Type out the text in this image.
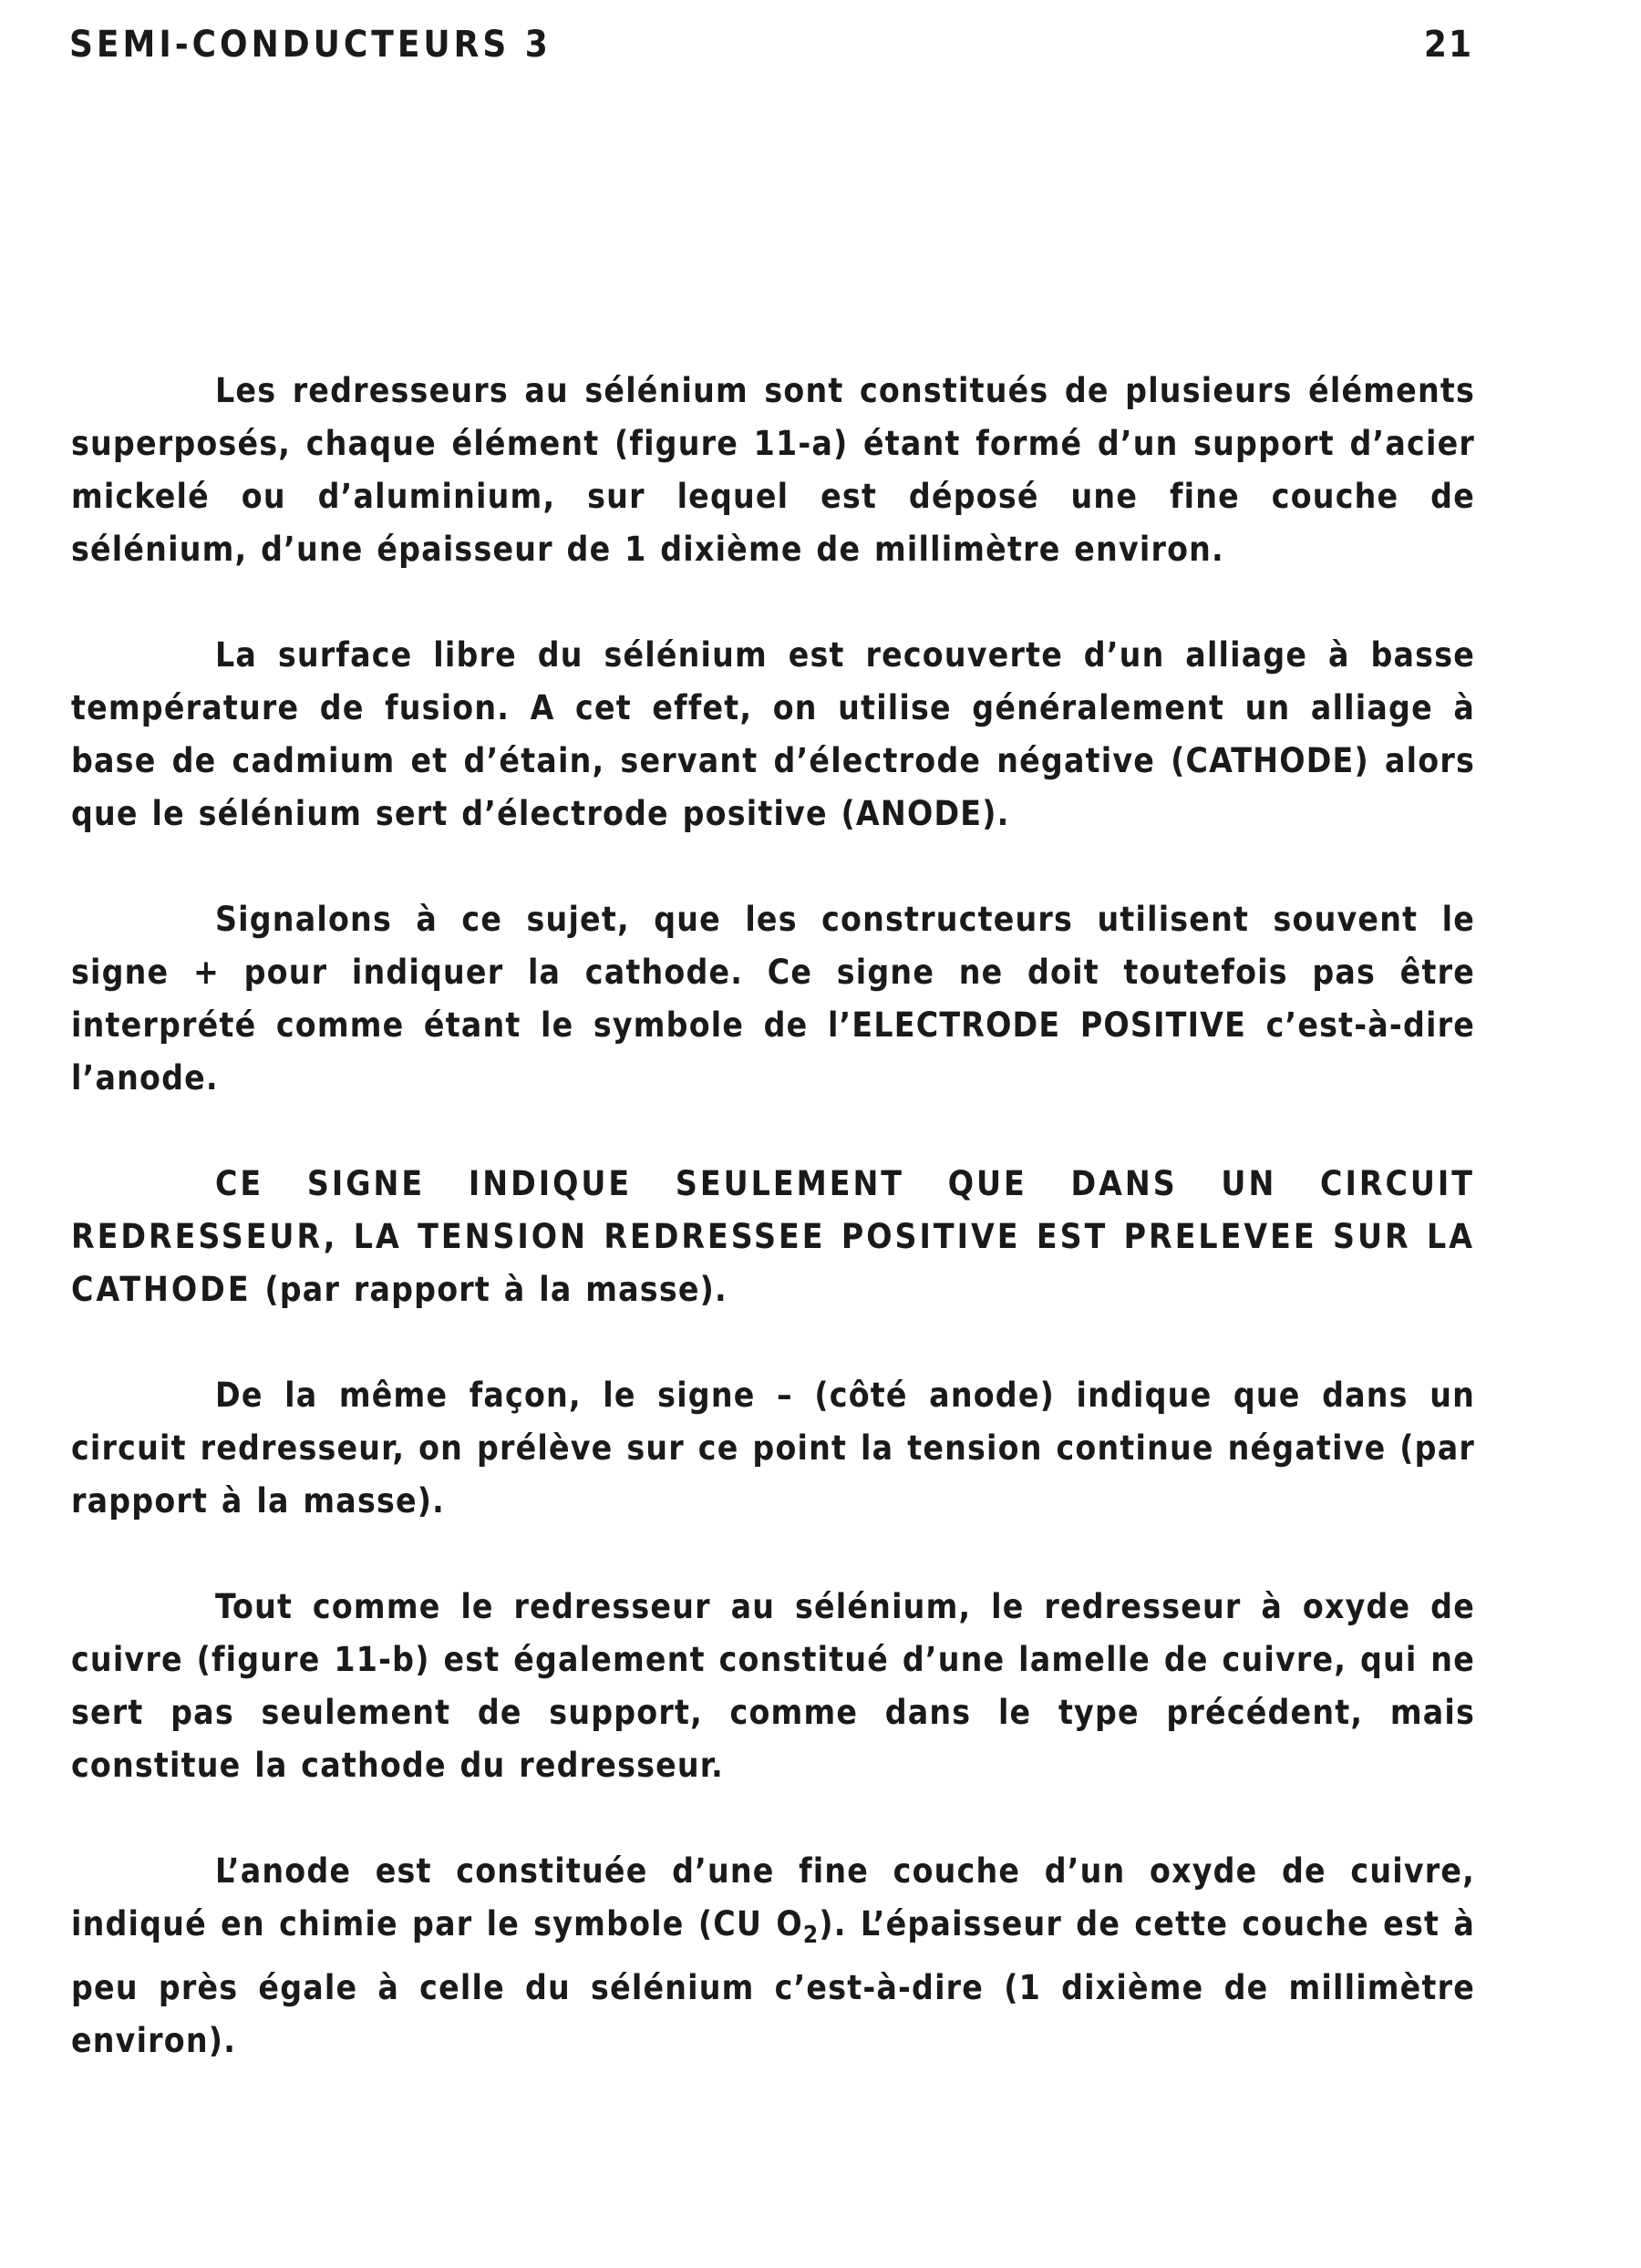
SEMI-CONDUCTEURS 3	21

Les redresseurs au sélénium sont constitués de plusieurs éléments superposés, chaque élément (figure 11-a) étant formé d’un support d’acier mickelé ou d’aluminium, sur lequel est déposé une fine couche de sélénium, d’une épaisseur de 1 dixième de millimètre environ.

La surface libre du sélénium est recouverte d’un alliage à basse température de fusion. A cet effet, on utilise généralement un alliage à base de cadmium et d’étain, servant d’électrode négative (CATHODE) alors que le sélénium sert d’électrode positive (ANODE).

Signalons à ce sujet, que les constructeurs utilisent souvent le signe + pour indiquer la cathode. Ce signe ne doit toutefois pas être interprété comme étant le symbole de l’ELECTRODE POSITIVE c’est-à-dire l’anode.

CE SIGNE INDIQUE SEULEMENT QUE DANS UN CIRCUIT REDRESSEUR, LA TENSION REDRESSEE POSITIVE EST PRELEVEE SUR LA CATHODE (par rapport à la masse).

De la même façon, le signe – (côté anode) indique que dans un circuit redresseur, on prélève sur ce point la tension continue négative (par rapport à la masse).

Tout comme le redresseur au sélénium, le redresseur à oxyde de cuivre (figure 11-b) est également constitué d’une lamelle de cuivre, qui ne sert pas seulement de support, comme dans le type précédent, mais constitue la cathode du redresseur.

L’anode est constituée d’une fine couche d’un oxyde de cuivre, indiqué en chimie par le symbole (CU $O_2$). L’épaisseur de cette couche est à peu près égale à celle du sélénium c’est-à-dire (1 dixième de millimètre environ).
